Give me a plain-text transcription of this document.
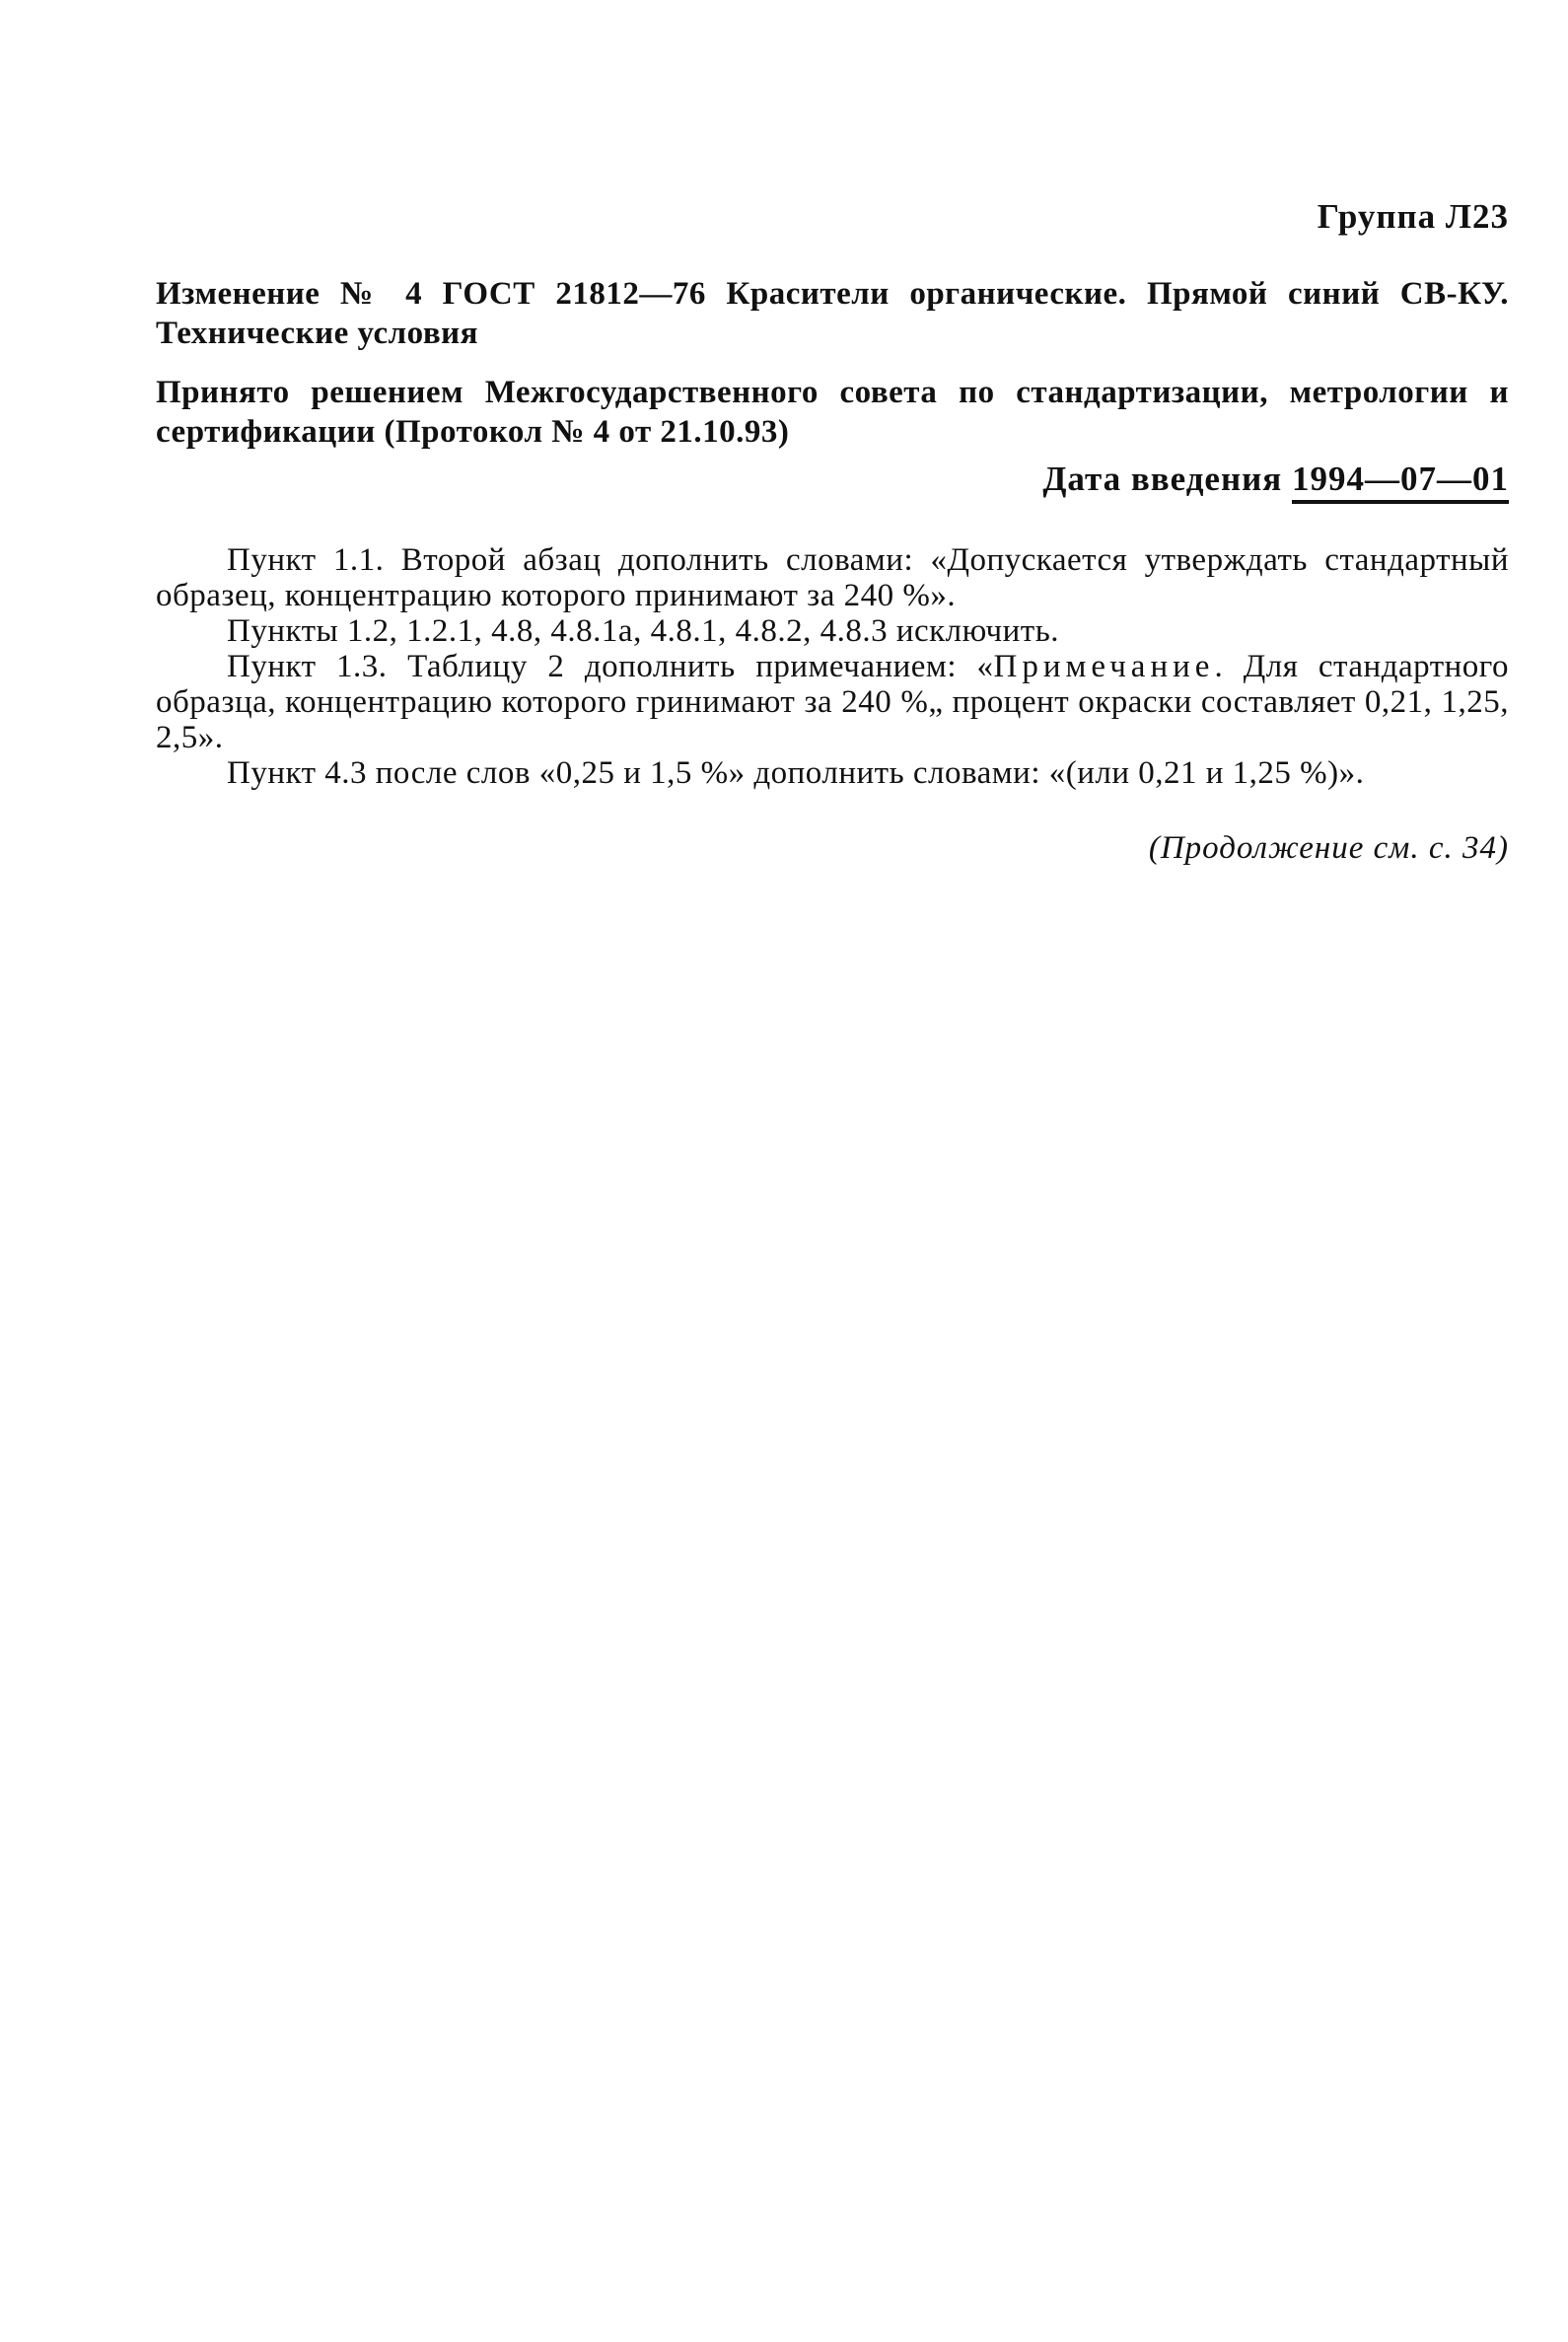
Группа Л23
Изменение № 4 ГОСТ 21812—76 Красители органические. Прямой синий СВ-КУ. Технические условия
Принято решением Межгосударственного совета по стандартизации, метрологии и сертификации (Протокол № 4 от 21.10.93)
Дата введения 1994—07—01

Пункт 1.1. Второй абзац дополнить словами: «Допускается утверждать стандартный образец, концентрацию которого принимают за 240 %».

Пункты 1.2, 1.2.1, 4.8, 4.8.1а, 4.8.1, 4.8.2, 4.8.3 исключить.

Пункт 1.3. Таблицу 2 дополнить примечанием: «Примечание. Для стандартного образца, концентрацию которого гринимают за 240 %„ процент окраски составляет 0,21, 1,25, 2,5».

Пункт 4.3 после слов «0,25 и 1,5 %» дополнить словами: «(или 0,21 и 1,25 %)».

(Продолжение см. с. 34)
